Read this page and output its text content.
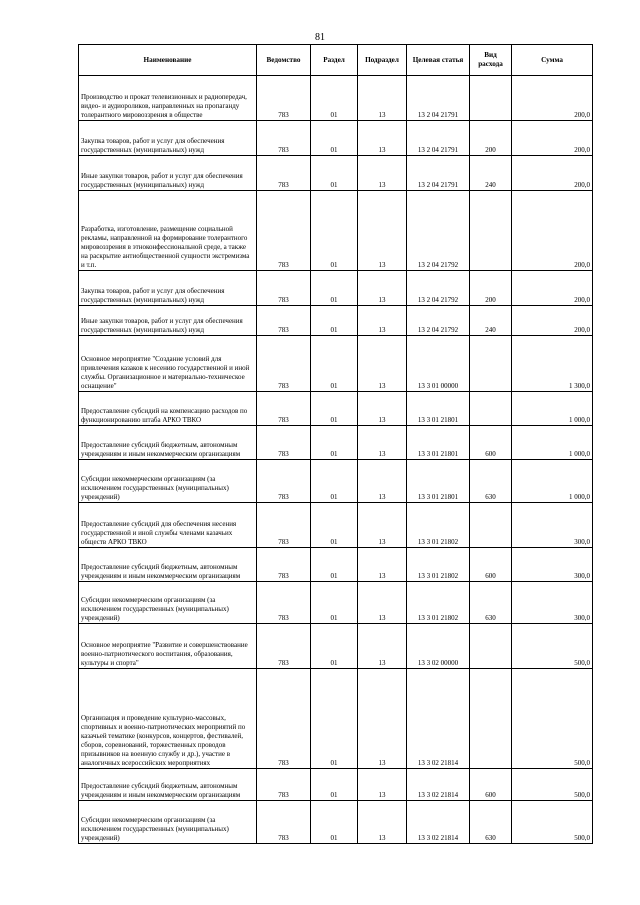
81
Наименование	Ведомство	Раздел	Подраздел	Целевая статья	Вид расхода	Сумма
Производство и прокат телевизионных и радиопередач, видео- и аудиороликов, направленных на пропаганду толерантного мировоззрения в обществе	783	01	13	13 2 04 21791		200,0
Закупка товаров, работ и услуг для обеспечения государственных (муниципальных) нужд	783	01	13	13 2 04 21791	200	200,0
Иные закупки товаров, работ и услуг для обеспечения государственных (муниципальных) нужд	783	01	13	13 2 04 21791	240	200,0
Разработка, изготовление, размещение социальной рекламы, направленной на формирование толерантного мировоззрения в этноконфессиональной среде, а также на раскрытие антиобщественной сущности экстремизма и т.п.	783	01	13	13 2 04 21792		200,0
Закупка товаров, работ и услуг для обеспечения государственных (муниципальных) нужд	783	01	13	13 2 04 21792	200	200,0
Иные закупки товаров, работ и услуг для обеспечения государственных (муниципальных) нужд	783	01	13	13 2 04 21792	240	200,0
Основное мероприятие "Создание условий для привлечения казаков к несению государственной и иной службы. Организационное и материально-техническое оснащение"	783	01	13	13 3 01 00000		1 300,0
Предоставление субсидий на компенсацию расходов по функционированию штаба АРКО ТВКО	783	01	13	13 3 01 21801		1 000,0
Предоставление субсидий бюджетным, автономным учреждениям и иным некоммерческим организациям	783	01	13	13 3 01 21801	600	1 000,0
Субсидии некоммерческим организациям (за исключением государственных (муниципальных) учреждений)	783	01	13	13 3 01 21801	630	1 000,0
Предоставление субсидий для обеспечения несения государственной и иной службы членами казачьих обществ АРКО ТВКО	783	01	13	13 3 01 21802		300,0
Предоставление субсидий бюджетным, автономным учреждениям и иным некоммерческим организациям	783	01	13	13 3 01 21802	600	300,0
Субсидии некоммерческим организациям (за исключением государственных (муниципальных) учреждений)	783	01	13	13 3 01 21802	630	300,0
Основное мероприятие "Развитие и совершенствование военно-патриотического воспитания, образования, культуры и спорта"	783	01	13	13 3 02 00000		500,0
Организация и проведение культурно-массовых, спортивных и военно-патриотических мероприятий по казачьей тематике (конкурсов, концертов, фестивалей, сборов, соревнований, торжественных проводов призывников на военную службу и др.), участие в аналогичных всероссийских мероприятиях	783	01	13	13 3 02 21814		500,0
Предоставление субсидий бюджетным, автономным учреждениям и иным некоммерческим организациям	783	01	13	13 3 02 21814	600	500,0
Субсидии некоммерческим организациям (за исключением государственных (муниципальных) учреждений)	783	01	13	13 3 02 21814	630	500,0
